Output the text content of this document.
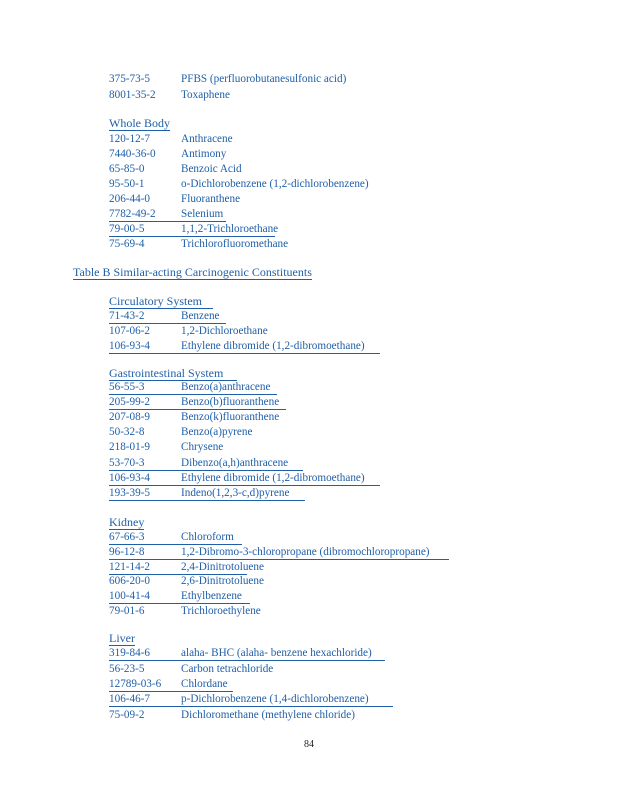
375-73-5	PFBS (perfluorobutanesulfonic acid)
8001-35-2 Toxaphene
Whole Body
120-12-7	Anthracene
7440-36-0 Antimony
65-85-0	Benzoic Acid
95-50-1	o-Dichlorobenzene (1,2-dichlorobenzene)
206-44-0	Fluoranthene
7782-49-2 Selenium
79-00-5	1,1,2-Trichloroethane
75-69-4	Trichlorofluoromethane
Table B Similar-acting Carcinogenic Constituents
Circulatory System
71-43-2	Benzene
107-06-2	1,2-Dichloroethane
106-93-4	Ethylene dibromide (1,2-dibromoethane)
Gastrointestinal System
56-55-3	Benzo(a)anthracene
205-99-2	Benzo(b)fluoranthene
207-08-9	Benzo(k)fluoranthene
50-32-8	Benzo(a)pyrene
218-01-9	Chrysene
53-70-3	Dibenzo(a,h)anthracene
106-93-4	Ethylene dibromide (1,2-dibromoethane)
193-39-5	Indeno(1,2,3-c,d)pyrene
Kidney
67-66-3	Chloroform
96-12-8	1,2-Dibromo-3-chloropropane (dibromochloropropane)
121-14-2	2,4-Dinitrotoluene
606-20-0	2,6-Dinitrotoluene
100-41-4	Ethylbenzene
79-01-6	Trichloroethylene
Liver
319-84-6	alaha- BHC (alaha- benzene hexachloride)
56-23-5	Carbon tetrachloride
12789-03-6 Chlordane
106-46-7	p-Dichlorobenzene (1,4-dichlorobenzene)
75-09-2	Dichloromethane (methylene chloride)
84
